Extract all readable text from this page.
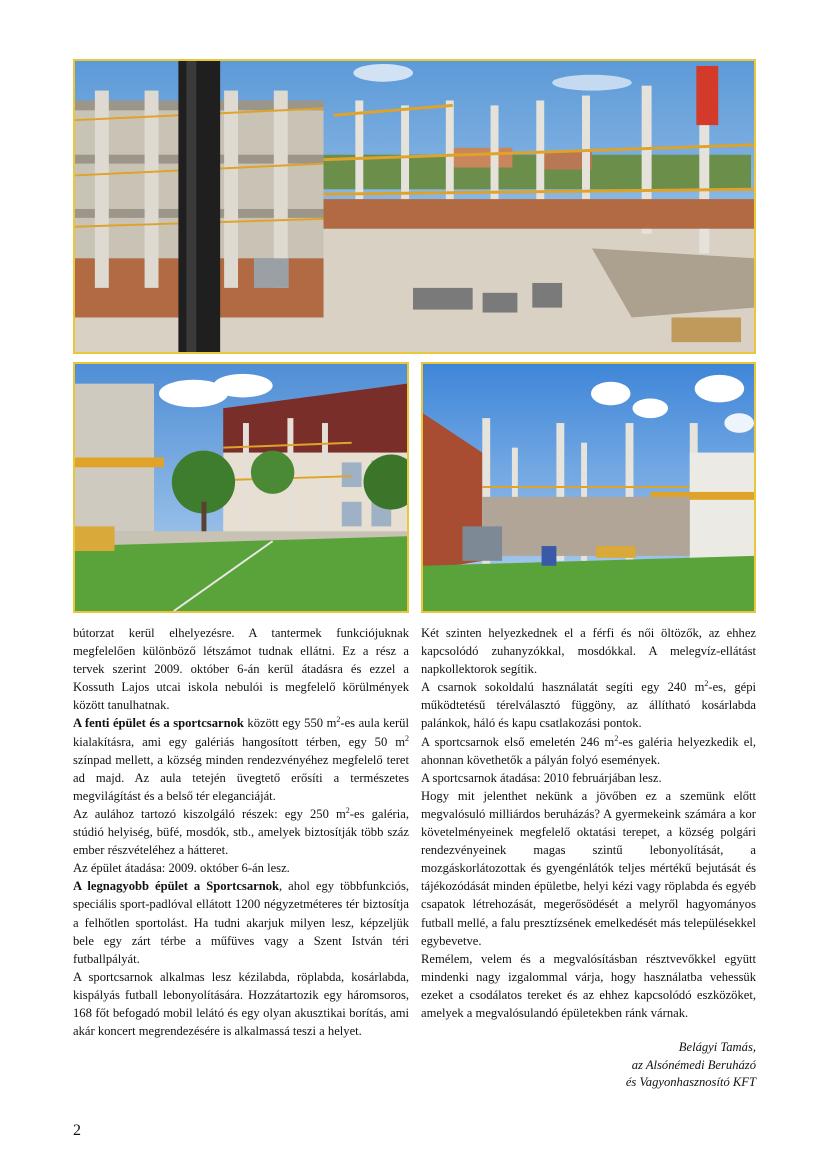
bútorzat kerül elhelyezésre. A tantermek funkciójuknak megfelelően különböző létszámot tudnak ellátni. Ez a rész a tervek szerint 2009. október 6-án kerül átadásra és ezzel a Kossuth Lajos utcai iskola nebulói is megfelelő körülmények között tanulhatnak.

A fenti épület és a sportcsarnok között egy 550 $m^2-es$ aula kerül kialakításra, ami egy galériás hangosított térben, egy 50 $m^2$ színpad mellett, a község minden rendezvényéhez megfelelő teret ad majd. Az aula tetején üvegtető erősíti a természetes megvilágítást és a belső tér eleganciáját.

Az aulához tartozó kiszolgáló részek: egy 250 $m^2-es$ galéria, stúdió helyiség, büfé, mosdók, stb., amelyek biztosítják több száz ember részvételéhez a hátteret.

Az épület átadása: 2009. október 6-án lesz.

A legnagyobb épület a Sportcsarnok, ahol egy többfunkciós, speciális sport-padlóval ellátott 1200 négyzetméteres tér biztosítja a felhőtlen sportolást. Ha tudni akarjuk milyen lesz, képzeljük bele egy zárt térbe a műfüves vagy a Szent István téri futballpályát.

A sportcsarnok alkalmas lesz kézilabda, röplabda, kosárlabda, kispályás futball lebonyolítására. Hozzátartozik egy háromsoros, 168 főt befogadó mobil lelátó és egy olyan akusztikai borítás, ami akár koncert megrendezésére is alkalmassá teszi a helyet.

Két szinten helyezkednek el a férfi és női öltözők, az ehhez kapcsolódó zuhanyzókkal, mosdókkal. A melegvíz-ellátást napkollektorok segítik.

A csarnok sokoldalú használatát segíti egy 240 $m^2-es$, gépi működtetésű térelválasztó függöny, az állítható kosárlabda palánkok, háló és kapu csatlakozási pontok.

A sportcsarnok első emeletén 246 $m^2-es$ galéria helyezkedik el, ahonnan követhetők a pályán folyó események.

A sportcsarnok átadása: 2010 februárjában lesz.

Hogy mit jelenthet nekünk a jövőben ez a szemünk előtt megvalósuló milliárdos beruházás? A gyermekeink számára a kor követelményeinek megfelelő oktatási terepet, a község polgári rendezvényeinek magas szintű lebonyolítását, a mozgáskorlátozottak és gyengénlátók teljes mértékű bejutását és tájékozódását minden épületbe, helyi kézi vagy röplabda és egyéb csapatok létrehozását, megerősödését a melyről hagyományos futball mellé, a falu presztízsének emelkedését más településekkel egybevetve.

Remélem, velem és a megvalósításban résztvevőkkel együtt mindenki nagy izgalommal várja, hogy használatba vehessük ezeket a csodálatos tereket és az ehhez kapcsolódó eszközöket, amelyek a megvalósulandó épületekben ránk várnak.

Belágyi Tamás,
az Alsónémedi Beruházó
és Vagyonhasznosító KFT
2
